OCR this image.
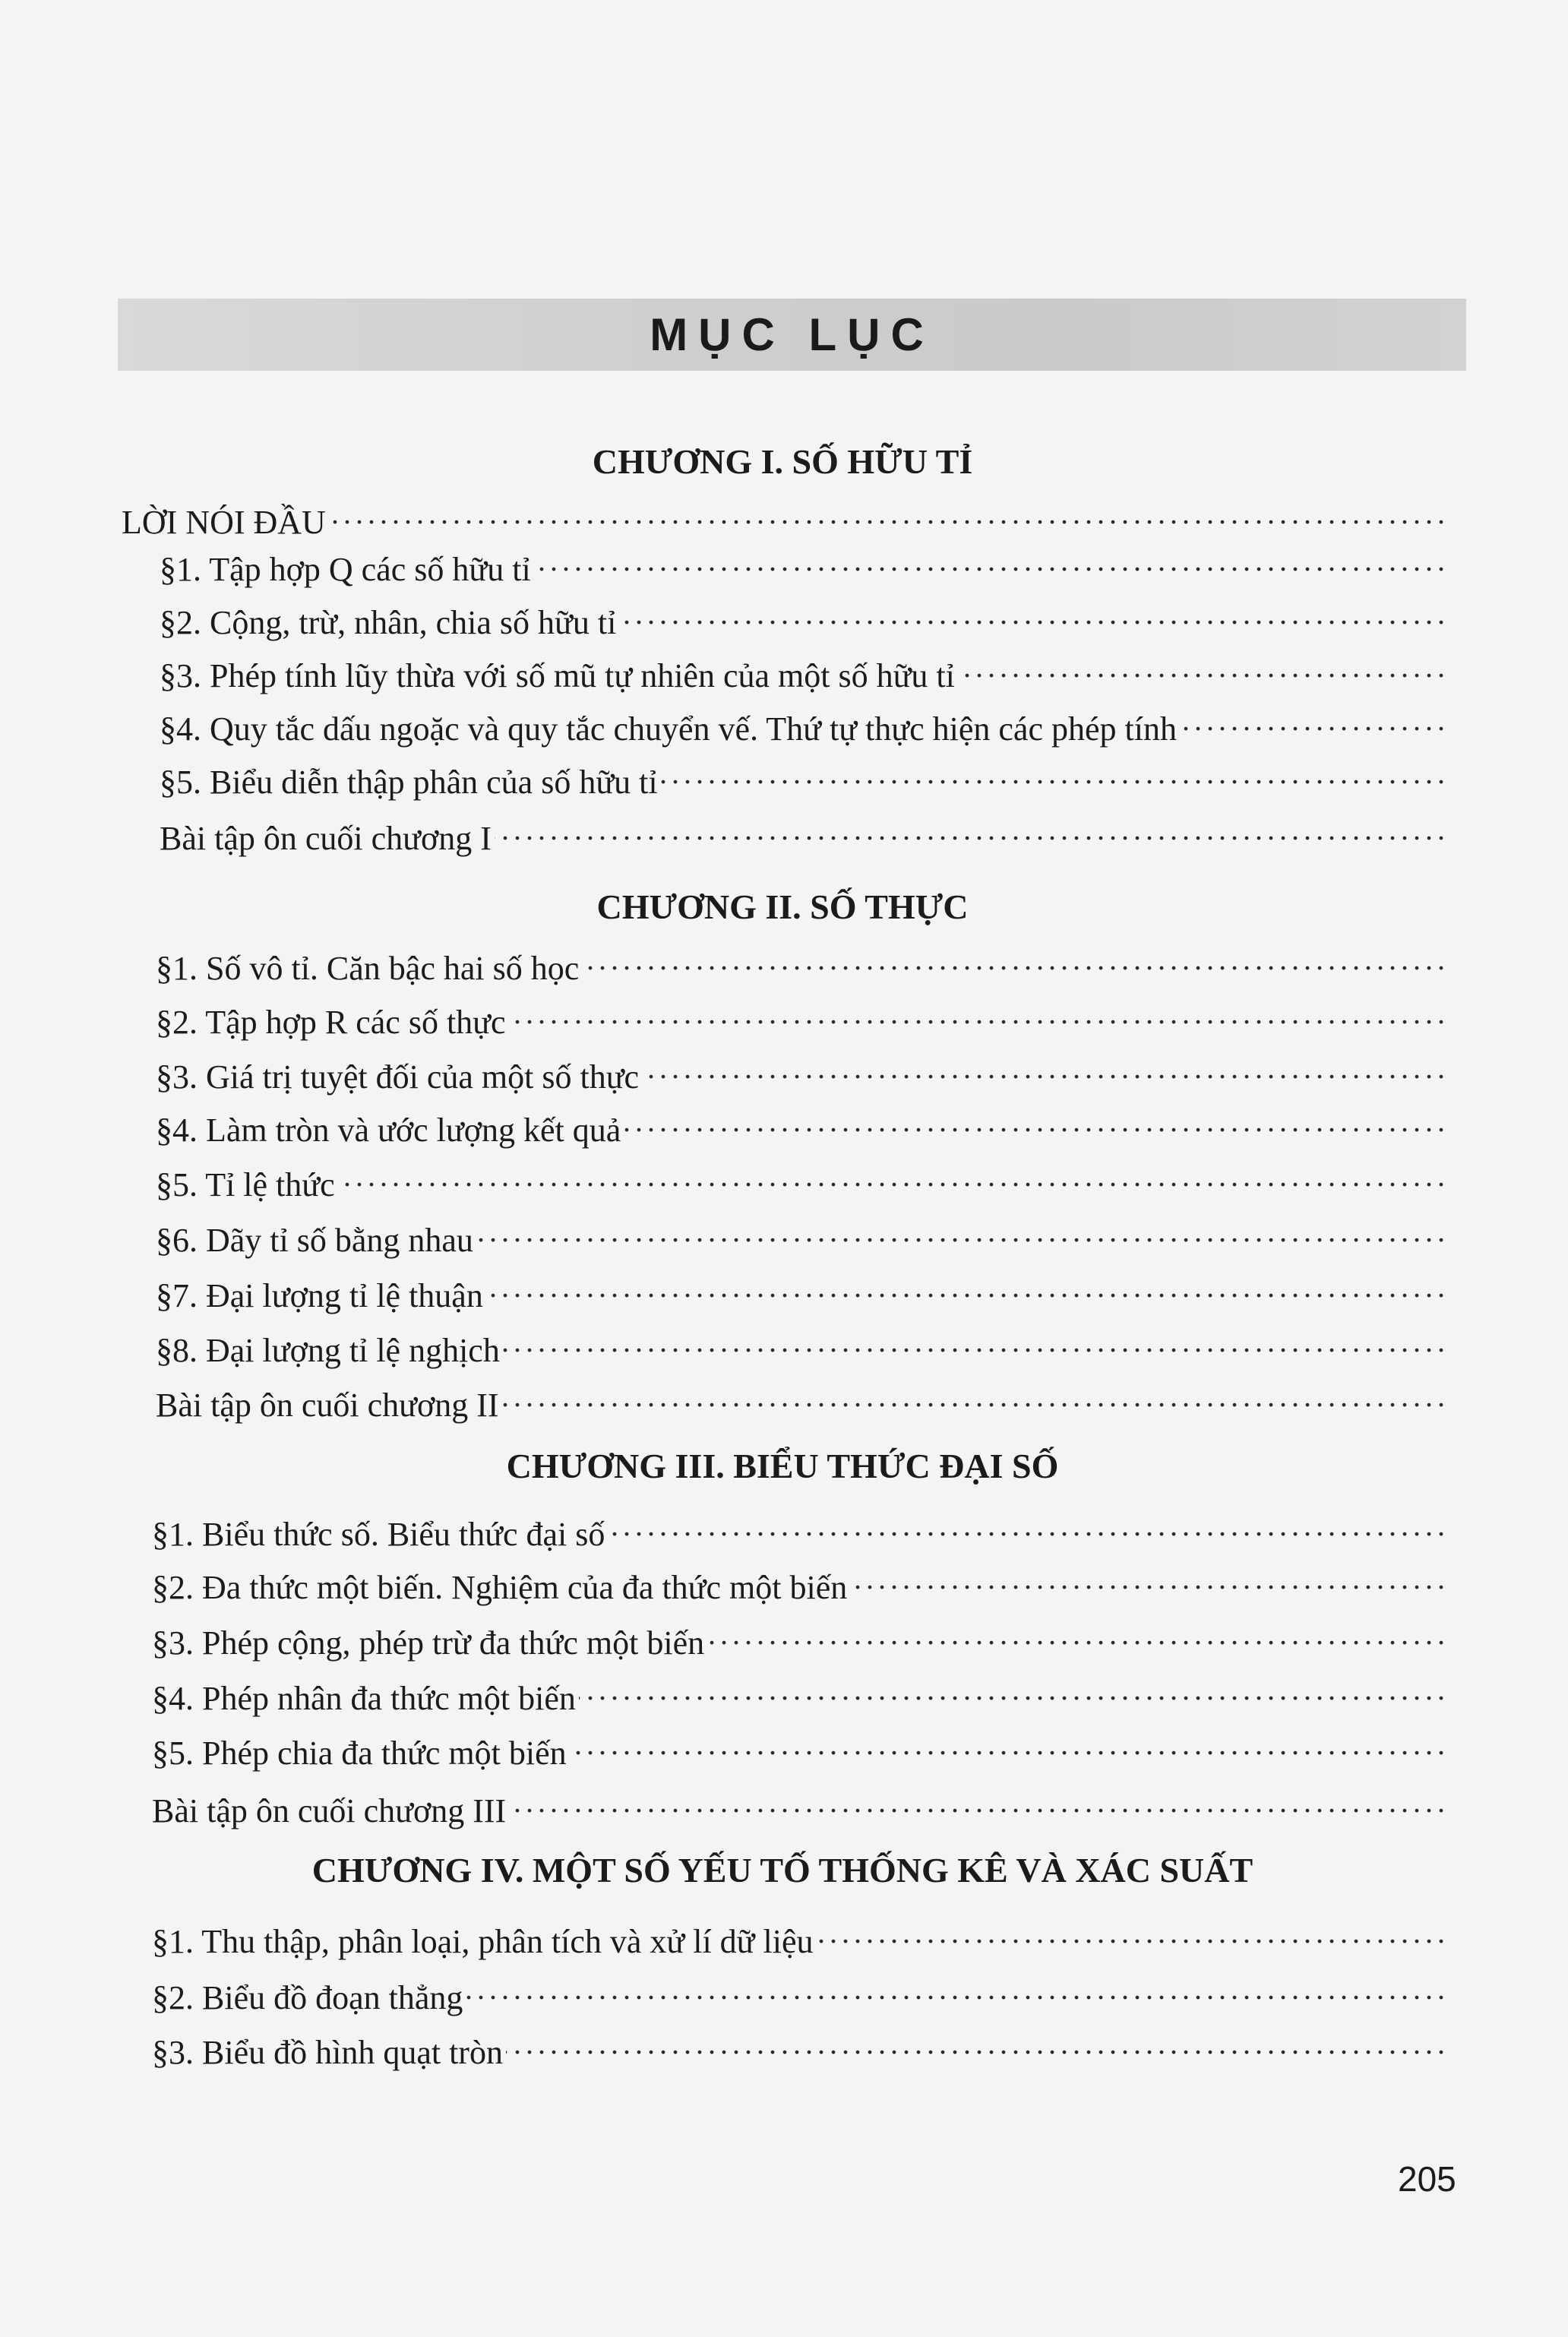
MỤC LỤC
CHƯƠNG I. SỐ HỮU TỈ
LỜI NÓI ĐẦU
. . .
§1. Tập hợp Q các số hữu tỉ
. . .
§2. Cộng, trừ, nhân, chia số hữu tỉ
. . .
§3. Phép tính lũy thừa với số mũ tự nhiên của một số hữu tỉ
. . .
§4. Quy tắc dấu ngoặc và quy tắc chuyển vế. Thứ tự thực hiện các phép tính
. . .
§5. Biểu diễn thập phân của số hữu tỉ
. . .
Bài tập ôn cuối chương I
. . .
CHƯƠNG II. SỐ THỰC
§1. Số vô tỉ. Căn bậc hai số học
. . .
§2. Tập hợp R các số thực
. . .
§3. Giá trị tuyệt đối của một số thực
. . .
§4. Làm tròn và ước lượng kết quả
. . .
§5. Tỉ lệ thức
. . .
§6. Dãy tỉ số bằng nhau
. . .
§7. Đại lượng tỉ lệ thuận
. . .
§8. Đại lượng tỉ lệ nghịch
. . .
Bài tập ôn cuối chương II
. . .
CHƯƠNG III. BIỂU THỨC ĐẠI SỐ
§1. Biểu thức số. Biểu thức đại số
. . .
§2. Đa thức một biến. Nghiệm của đa thức một biến
. . .
§3. Phép cộng, phép trừ đa thức một biến
. . .
§4. Phép nhân đa thức một biến
. . .
§5. Phép chia đa thức một biến
. . .
Bài tập ôn cuối chương III
. . .
CHƯƠNG IV. MỘT SỐ YẾU TỐ THỐNG KÊ VÀ XÁC SUẤT
§1. Thu thập, phân loại, phân tích và xử lí dữ liệu
. . .
§2. Biểu đồ đoạn thẳng
. . .
§3. Biểu đồ hình quạt tròn
. . .
205
